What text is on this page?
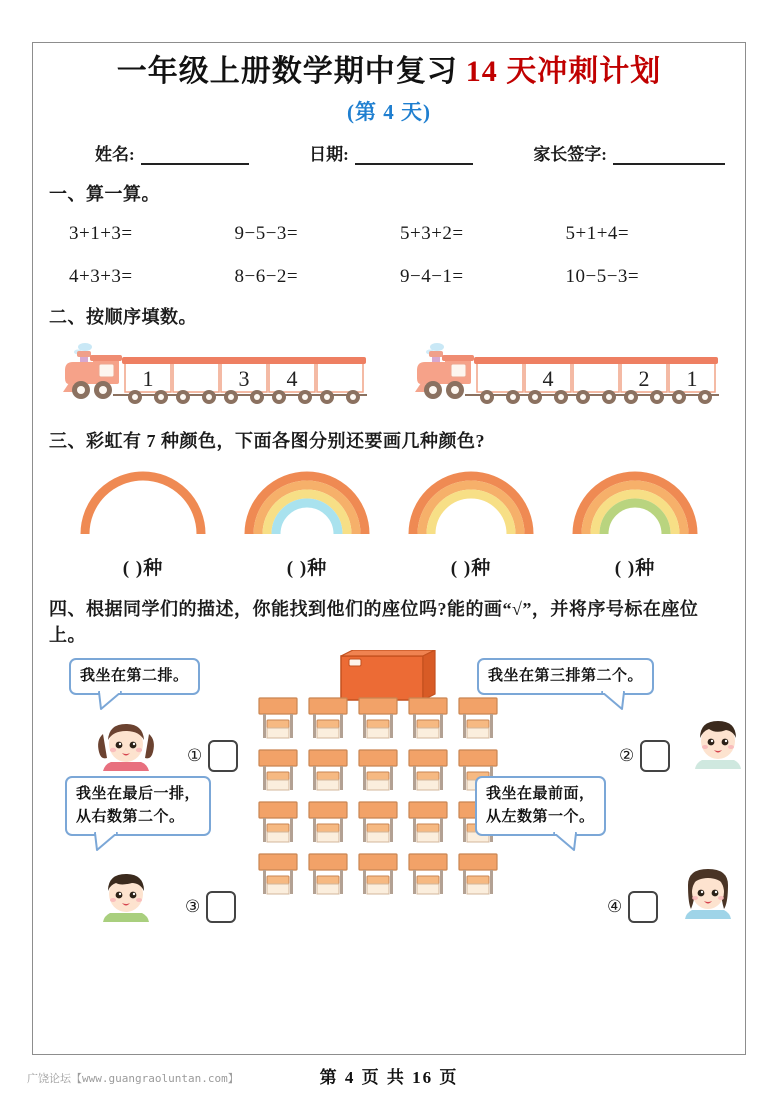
一年级上册数学期中复习 14 天冲刺计划
(第 4 天)
姓名:	日期:	家长签字:
一、算一算。
3+1+3=	9−5−3=	5+3+2=	5+1+4=
4+3+3=	8−6−2=	9−4−1=	10−5−3=
二、按顺序填数。
1	3 4	4	2 1
三、彩虹有 7 种颜色，下面各图分别还要画几种颜色?
( )种	( )种	( )种	( )种
四、根据同学们的描述，你能找到他们的座位吗?能的画“√”，并将序号标在座位上。
我坐在第二排。	我坐在第三排第二个。
我坐在最后一排，
从右数第二个。
我坐在最前面，
从左数第一个。
①	②
③	④
广饶论坛【www.guangraoluntan.com】	第 4 页 共 16 页
